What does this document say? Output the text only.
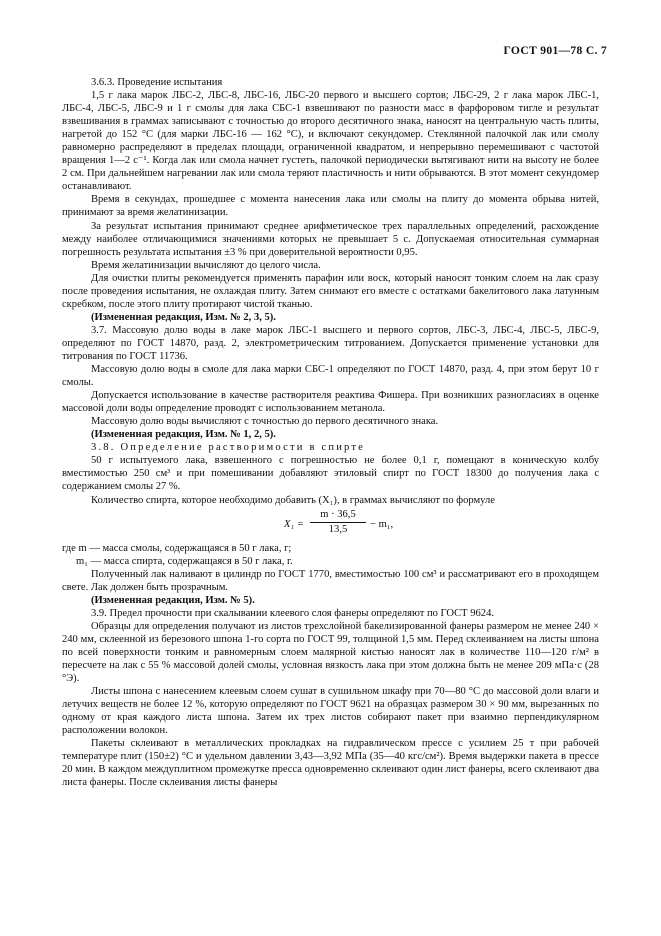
ГОСТ 901—78 С. 7

3.6.3. Проведение испытания

1,5 г лака марок ЛБС-2, ЛБС-8, ЛБС-16, ЛБС-20 первого и высшего сортов; ЛБС-29, 2 г лака марок ЛБС-1, ЛБС-4, ЛБС-5, ЛБС-9 и 1 г смолы для лака СБС-1 взвешивают по разности масс в фарфоровом тигле и результат взвешивания в граммах записывают с точностью до второго десятичного знака, наносят на центральную часть плиты, нагретой до 152 °С (для марки ЛБС-16 — 162 °С), и включают секундомер. Стеклянной палочкой лак или смолу равномерно распределяют в пределах площади, ограниченной квадратом, и непрерывно перемешивают с частотой вращения 1—2 с⁻¹. Когда лак или смола начнет густеть, палочкой периодически вытягивают нити на высоту не более 2 см. При дальнейшем нагревании лак или смола теряют пластичность и нити обрываются. В этот момент секундомер останавливают.

Время в секундах, прошедшее с момента нанесения лака или смолы на плиту до момента обрыва нитей, принимают за время желатинизации.

За результат испытания принимают среднее арифметическое трех параллельных определений, расхождение между наиболее отличающимися значениями которых не превышает 5 с. Допускаемая относительная суммарная погрешность результата испытания ±3 % при доверительной вероятности 0,95.

Время желатинизации вычисляют до целого числа.

Для очистки плиты рекомендуется применять парафин или воск, который наносят тонким слоем на лак сразу после проведения испытания, не охлаждая плиту. Затем снимают его вместе с остатками бакелитового лака латунным скребком, после этого плиту протирают чистой тканью.

(Измененная редакция, Изм. № 2, 3, 5).

3.7. Массовую долю воды в лаке марок ЛБС-1 высшего и первого сортов, ЛБС-3, ЛБС-4, ЛБС-5, ЛБС-9, определяют по ГОСТ 14870, разд. 2, электрометрическим титрованием. Допускается применение установки для титрования по ГОСТ 11736.

Массовую долю воды в смоле для лака марки СБС-1 определяют по ГОСТ 14870, разд. 4, при этом берут 10 г смолы.

Допускается использование в качестве растворителя реактива Фишера. При возникших разногласиях в оценке массовой доли воды определение проводят с использованием метанола.

Массовую долю воды вычисляют с точностью до первого десятичного знака.

(Измененная редакция, Изм. № 1, 2, 5).

3.8. Определение растворимости в спирте

50 г испытуемого лака, взвешенного с погрешностью не более 0,1 г, помещают в коническую колбу вместимостью 250 см³ и при помешивании добавляют этиловый спирт по ГОСТ 18300 до получения лака с содержанием смолы 27 %.

Количество спирта, которое необходимо добавить (X₁), в граммах вычисляют по формуле

$X_1 = \frac{m \cdot 36,5}{13,5} - m_1$,

где m — масса смолы, содержащаяся в 50 г лака, г;

m₁ — масса спирта, содержащаяся в 50 г лака, г.

Полученный лак наливают в цилиндр по ГОСТ 1770, вместимостью 100 см³ и рассматривают его в проходящем свете. Лак должен быть прозрачным.

(Измененная редакция, Изм. № 5).

3.9. Предел прочности при скалывании клеевого слоя фанеры определяют по ГОСТ 9624.

Образцы для определения получают из листов трехслойной бакелизированной фанеры размером не менее 240 × 240 мм, склеенной из березового шпона 1-го сорта по ГОСТ 99, толщиной 1,5 мм. Перед склеиванием на листы шпона по всей поверхности тонким и равномерным слоем малярной кистью наносят лак в количестве 110—120 г/м² в пересчете на лак с 55 % массовой долей смолы, условная вязкость лака при этом должна быть не менее 209 мПа·с (28 °Э).

Листы шпона с нанесением клеевым слоем сушат в сушильном шкафу при 70—80 °С до массовой доли влаги и летучих веществ не более 12 %, которую определяют по ГОСТ 9621 на образцах размером 30 × 90 мм, вырезанных по одному от края каждого листа шпона. Затем их трех листов собирают пакет при взаимно перпендикулярном расположении волокон.

Пакеты склеивают в металлических прокладках на гидравлическом прессе с усилием 25 т при рабочей температуре плит (150±2) °С и удельном давлении 3,43—3,92 МПа (35—40 кгс/см²). Время выдержки пакета в прессе 20 мин. В каждом междуплитном промежутке пресса одновременно склеивают один лист фанеры, всего склеивают два листа фанеры. После склеивания листы фанеры
